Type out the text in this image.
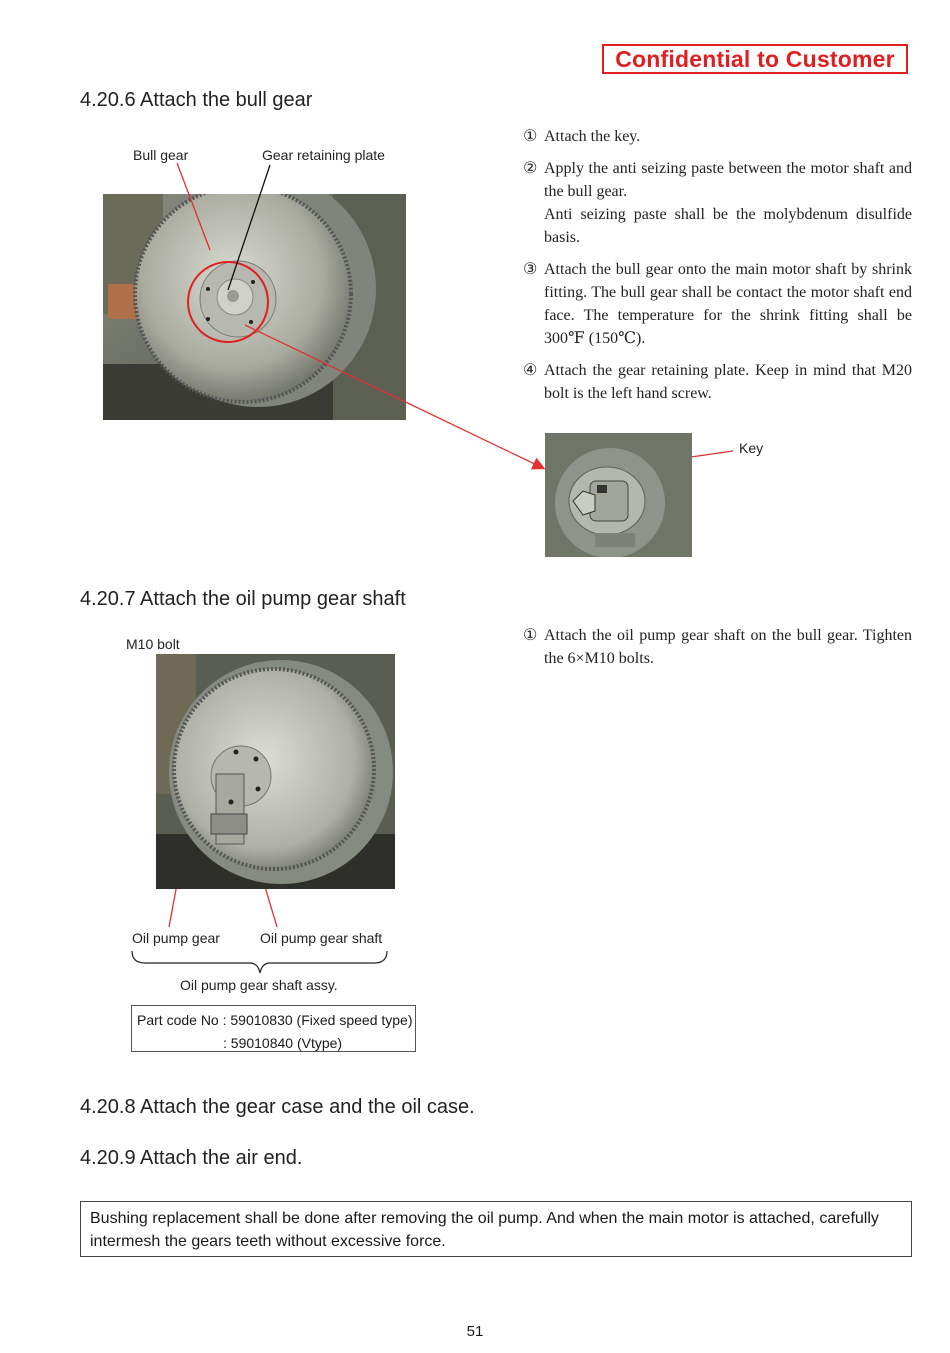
Confidential to Customer
4.20.6 Attach the bull gear
Bull gear	Gear retaining plate
① Attach the key.
② Apply the anti seizing paste between the motor shaft and the bull gear.
Anti seizing paste shall be the molybdenum disulfide basis.
③ Attach the bull gear onto the main motor shaft by shrink fitting. The bull gear shall be contact the motor shaft end face. The temperature for the shrink fitting shall be 300℉ (150℃).
④ Attach the gear retaining plate. Keep in mind that M20 bolt is the left hand screw.
Key
4.20.7 Attach the oil pump gear shaft
M10 bolt
Oil pump gear	Oil pump gear shaft
Oil pump gear shaft assy.
Part code No : 59010830 (Fixed speed type)
: 59010840 (Vtype)
① Attach the oil pump gear shaft on the bull gear. Tighten the 6×M10 bolts.
4.20.8 Attach the gear case and the oil case.
4.20.9 Attach the air end.
Bushing replacement shall be done after removing the oil pump. And when the main motor is attached, carefully intermesh the gears teeth without excessive force.
51
